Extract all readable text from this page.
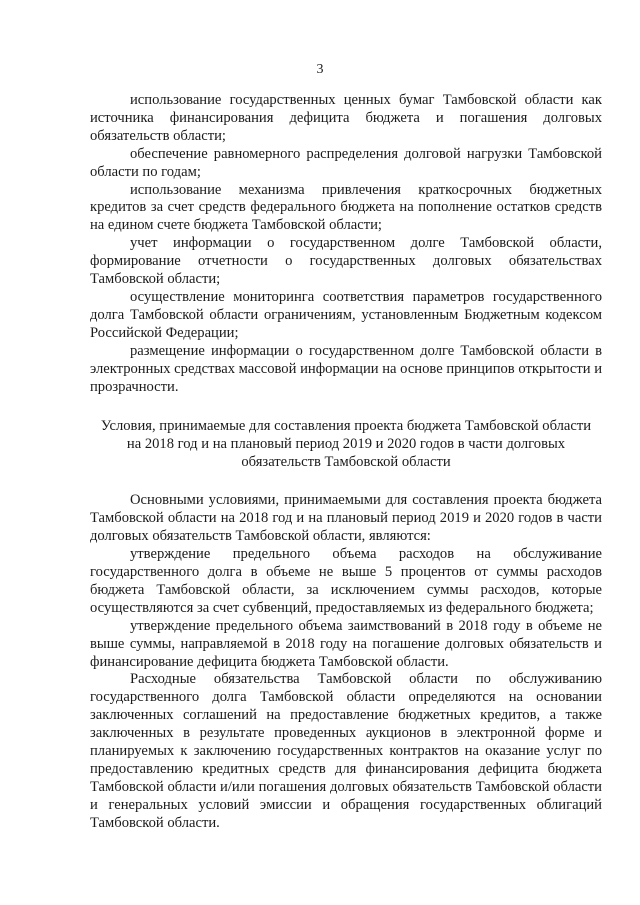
3

использование государственных ценных бумаг Тамбовской области как источника финансирования дефицита бюджета и погашения долговых обязательств области;

обеспечение равномерного распределения долговой нагрузки Тамбовской области по годам;

использование механизма привлечения краткосрочных бюджетных кредитов за счет средств федерального бюджета на пополнение остатков средств на едином счете бюджета Тамбовской области;

учет информации о государственном долге Тамбовской области, формирование отчетности о государственных долговых обязательствах Тамбовской области;

осуществление мониторинга соответствия параметров государственного долга Тамбовской области ограничениям, установленным Бюджетным кодексом Российской Федерации;

размещение информации о государственном долге Тамбовской области в электронных средствах массовой информации на основе принципов открытости и прозрачности.

Условия, принимаемые для составления проекта бюджета Тамбовской области на 2018 год и на плановый период 2019 и 2020 годов в части долговых обязательств Тамбовской области

Основными условиями, принимаемыми для составления проекта бюджета Тамбовской области на 2018 год и на плановый период 2019 и 2020 годов в части долговых обязательств Тамбовской области, являются:

утверждение предельного объема расходов на обслуживание государственного долга в объеме не выше 5 процентов от суммы расходов бюджета Тамбовской области, за исключением суммы расходов, которые осуществляются за счет субвенций, предоставляемых из федерального бюджета;

утверждение предельного объема заимствований в 2018 году в объеме не выше суммы, направляемой в 2018 году на погашение долговых обязательств и финансирование дефицита бюджета Тамбовской области.

Расходные обязательства Тамбовской области по обслуживанию государственного долга Тамбовской области определяются на основании заключенных соглашений на предоставление бюджетных кредитов, а также заключенных в результате проведенных аукционов в электронной форме и планируемых к заключению государственных контрактов на оказание услуг по предоставлению кредитных средств для финансирования дефицита бюджета Тамбовской области и/или погашения долговых обязательств Тамбовской области и генеральных условий эмиссии и обращения государственных облигаций Тамбовской области.
